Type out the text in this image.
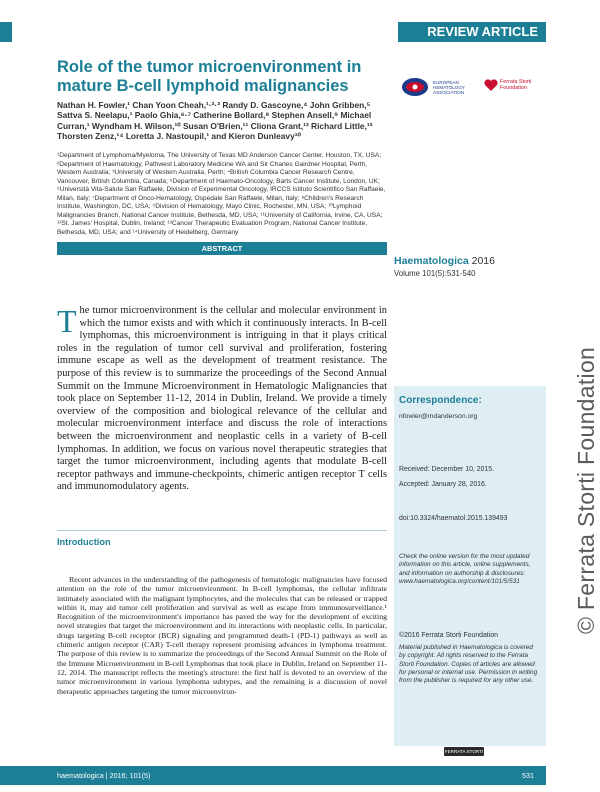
REVIEW ARTICLE
© Ferrata Storti Foundation
Role of the tumor microenvironment in mature B-cell lymphoid malignancies
Nathan H. Fowler,¹ Chan Yoon Cheah,¹·²·³ Randy D. Gascoyne,⁴ John Gribben,⁵ Sattva S. Neelapu,¹ Paolo Ghia,⁶·⁷ Catherine Bollard,⁸ Stephen Ansell,⁹ Michael Curran,¹ Wyndham H. Wilson,¹⁰ Susan O'Brien,¹¹ Cliona Grant,¹² Richard Little,¹³ Thorsten Zenz,¹⁴ Loretta J. Nastoupil,¹ and Kieron Dunleavy¹⁰
¹Department of Lymphoma/Myeloma, The University of Texas MD Anderson Cancer Center, Houston, TX, USA; ²Department of Haematology, Pathwest Laboratory Medicine WA and Sir Charles Gairdner Hospital, Perth, Western Australia; ³University of Western Australia, Perth; ⁴British Columbia Cancer Research Centre, Vancouver, British Columbia, Canada; ⁵Department of Haemato-Oncology, Barts Cancer Institute, London, UK; ⁶Università Vita-Salute San Raffaele, Division of Experimental Oncology, IRCCS Istituto Scientifico San Raffaele, Milan, Italy; ⁷Department of Onco-Hematology, Ospedale San Raffaele, Milan, Italy; ⁸Children's Research Institute, Washington, DC, USA; ⁹Division of Hematology, Mayo Clinic, Rochester, MN, USA; ¹⁰Lymphoid Malignancies Branch, National Cancer Institute, Bethesda, MD, USA; ¹¹University of California, Irvine, CA, USA; ¹²St. James' Hospital, Dublin, Ireland; ¹³Cancer Therapeutic Evaluation Program, National Cancer Institute, Bethesda, MD, USA; and ¹⁴University of Heidelberg, Germany
EUROPEAN HEMATOLOGY ASSOCIATION
Ferrata Storti Foundation
Haematologica 2016
Volume 101(5):531-540
ABSTRACT
The tumor microenvironment is the cellular and molecular environment in which the tumor exists and with which it continuously interacts. In B-cell lymphomas, this microenvironment is intriguing in that it plays critical roles in the regulation of tumor cell survival and proliferation, fostering immune escape as well as the development of treatment resistance. The purpose of this review is to summarize the proceedings of the Second Annual Summit on the Immune Microenvironment in Hematologic Malignancies that took place on September 11-12, 2014 in Dublin, Ireland. We provide a timely overview of the composition and biological relevance of the cellular and molecular microenvironment interface and discuss the role of interactions between the microenvironment and neoplastic cells in a variety of B-cell lymphomas. In addition, we focus on various novel therapeutic strategies that target the tumor microenvironment, including agents that modulate B-cell receptor pathways and immune-checkpoints, chimeric antigen receptor T cells and immunomodulatory agents.
Correspondence:
nfowler@mdanderson.org
Received: December 10, 2015.
Accepted: January 28, 2016.
doi:10.3324/haematol.2015.139493
Check the online version for the most updated information on this article, online supplements, and information on authorship & disclosures: www.haematologica.org/content/101/5/531
©2016 Ferrata Storti Foundation
Material published in Haematologica is covered by copyright. All rights reserved to the Ferrata Storti Foundation. Copies of articles are allowed for personal or internal use. Permission in writing from the publisher is required for any other use.
FERRATA STORTI
Introduction

Recent advances in the understanding of the pathogenesis of hematologic malignancies have focused attention on the role of the tumor microenvironment. In B-cell lymphomas, the cellular infiltrate intimately associated with the malignant lymphocytes, and the molecules that can be released or trapped within it, may aid tumor cell proliferation and survival as well as escape from immunosurveillance.¹ Recognition of the microenvironment's importance has paved the way for the development of exciting novel strategies that target the microenvironment and its interactions with neoplastic cells. In particular, drugs targeting B-cell receptor (BCR) signaling and programmed death-1 (PD-1) pathways as well as chimeric antigen receptor (CAR) T-cell therapy represent promising advances in lymphoma treatment. The purpose of this review is to summarize the proceedings of the Second Annual Summit on the Role of the Immune Microenvironment in B-cell Lymphomas that took place in Dublin, Ireland on September 11-12, 2014. The manuscript reflects the meeting's structure: the first half is devoted to an overview of the tumor microenvironment in various lymphoma subtypes, and the remaining is a discussion of novel therapeutic approaches targeting the tumor microenviron-

haematologica | 2016; 101(5)	531
